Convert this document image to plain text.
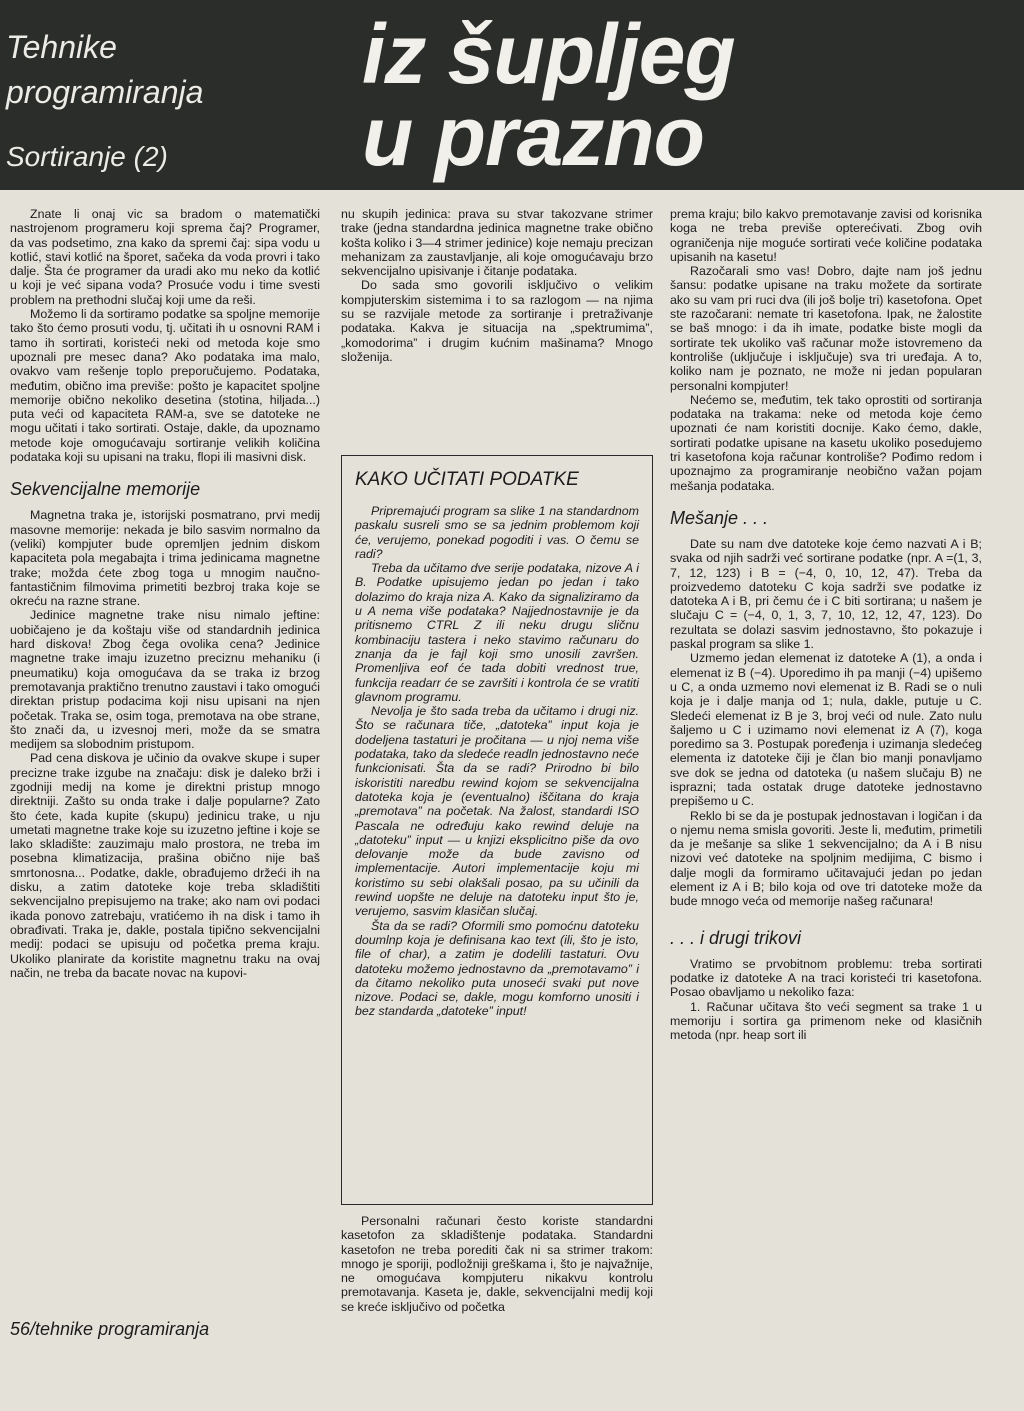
Tehnike
programiranja
Sortiranje (2)
iz šupljeg
u prazno

Znate li onaj vic sa bradom o matematički nastrojenom programeru koji sprema čaj? Programer, da vas podsetimo, zna kako da spremi čaj: sipa vodu u kotlić, stavi kotlić na šporet, sačeka da voda provri i tako dalje. Šta će programer da uradi ako mu neko da kotlić u koji je već sipana voda? Prosuće vodu i time svesti problem na prethodni slučaj koji ume da reši.

Možemo li da sortiramo podatke sa spoljne memorije tako što ćemo prosuti vodu, tj. učitati ih u osnovni RAM i tamo ih sortirati, koristeći neki od metoda koje smo upoznali pre mesec dana? Ako podataka ima malo, ovakvo vam rešenje toplo preporučujemo. Podataka, međutim, obično ima previše: pošto je kapacitet spoljne memorije obično nekoliko desetina (stotina, hiljada...) puta veći od kapaciteta RAM-a, sve se datoteke ne mogu učitati i tako sortirati. Ostaje, dakle, da upoznamo metode koje omogućavaju sortiranje velikih količina podataka koji su upisani na traku, flopi ili masivni disk.

Sekvencijalne memorije

Magnetna traka je, istorijski posmatrano, prvi medij masovne memorije: nekada je bilo sasvim normalno da (veliki) kompjuter bude opremljen jednim diskom kapaciteta pola megabajta i trima jedinicama magnetne trake; možda ćete zbog toga u mnogim naučno-fantastičnim filmovima primetiti bezbroj traka koje se okreću na razne strane.

Jedinice magnetne trake nisu nimalo jeftine: uobičajeno je da koštaju više od standardnih jedinica hard diskova! Zbog čega ovolika cena? Jedinice magnetne trake imaju izuzetno preciznu mehaniku (i pneumatiku) koja omogućava da se traka iz brzog premotavanja praktično trenutno zaustavi i tako omogući direktan pristup podacima koji nisu upisani na njen početak. Traka se, osim toga, premotava na obe strane, što znači da, u izvesnoj meri, može da se smatra medijem sa slobodnim pristupom.

Pad cena diskova je učinio da ovakve skupe i super precizne trake izgube na značaju: disk je daleko brži i zgodniji medij na kome je direktni pristup mnogo direktniji. Zašto su onda trake i dalje popularne? Zato što ćete, kada kupite (skupu) jedinicu trake, u nju umetati magnetne trake koje su izuzetno jeftine i koje se lako skladište: zauzimaju malo prostora, ne treba im posebna klimatizacija, prašina obično nije baš smrtonosna... Podatke, dakle, obrađujemo držeći ih na disku, a zatim datoteke koje treba skladištiti sekvencijalno prepisujemo na trake; ako nam ovi podaci ikada ponovo zatrebaju, vratićemo ih na disk i tamo ih obrađivati. Traka je, dakle, postala tipično sekvencijalni medij: podaci se upisuju od početka prema kraju. Ukoliko planirate da koristite magnetnu traku na ovaj način, ne treba da bacate novac na kupovi-

nu skupih jedinica: prava su stvar takozvane strimer trake (jedna standardna jedinica magnetne trake obično košta koliko i 3—4 strimer jedinice) koje nemaju precizan mehanizam za zaustavljanje, ali koje omogućavaju brzo sekvencijalno upisivanje i čitanje podataka.

Do sada smo govorili isključivo o velikim kompjuterskim sistemima i to sa razlogom — na njima su se razvijale metode za sortiranje i pretraživanje podataka. Kakva je situacija na „spektrumima”, „komodorima” i drugim kućnim mašinama? Mnogo složenija.

KAKO UČITATI PODATKE

Pripremajući program sa slike 1 na standardnom paskalu susreli smo se sa jednim problemom koji će, verujemo, ponekad pogoditi i vas. O čemu se radi?

Treba da učitamo dve serije podataka, nizove A i B. Podatke upisujemo jedan po jedan i tako dolazimo do kraja niza A. Kako da signaliziramo da u A nema više podataka? Najjednostavnije je da pritisnemo CTRL Z ili neku drugu sličnu kombinaciju tastera i neko stavimo računaru do znanja da je fajl koji smo unosili završen. Promenljiva eof će tada dobiti vrednost true, funkcija readarr će se završiti i kontrola će se vratiti glavnom programu.

Nevolja je što sada treba da učitamo i drugi niz. Što se računara tiče, „datoteka” input koja je dodeljena tastaturi je pročitana — u njoj nema više podataka, tako da sledeće readln jednostavno neće funkcionisati. Šta da se radi? Prirodno bi bilo iskoristiti naredbu rewind kojom se sekvencijalna datoteka koja je (eventualno) iščitana do kraja „premotava” na početak. Na žalost, standardi ISO Pascala ne određuju kako rewind deluje na „datoteku” input — u knjizi eksplicitno piše da ovo delovanje može da bude zavisno od implementacije. Autori implementacije koju mi koristimo su sebi olakšali posao, pa su učinili da rewind uopšte ne deluje na datoteku input što je, verujemo, sasvim klasičan slučaj.

Šta da se radi? Oformili smo pomoćnu datoteku doumlnp koja je definisana kao text (ili, što je isto, file of char), a zatim je dodelili tastaturi. Ovu datoteku možemo jednostavno da „premotavamo” i da čitamo nekoliko puta unoseći svaki put nove nizove. Podaci se, dakle, mogu komforno unositi i bez standarda „datoteke” input!

Personalni računari često koriste standardni kasetofon za skladištenje podataka. Standardni kasetofon ne treba porediti čak ni sa strimer trakom: mnogo je sporiji, podložniji greškama i, što je najvažnije, ne omogućava kompjuteru nikakvu kontrolu premotavanja. Kaseta je, dakle, sekvencijalni medij koji se kreće isključivo od početka

prema kraju; bilo kakvo premotavanje zavisi od korisnika koga ne treba previše opterećivati. Zbog ovih ograničenja nije moguće sortirati veće količine podataka upisanih na kasetu!

Razočarali smo vas! Dobro, dajte nam još jednu šansu: podatke upisane na traku možete da sortirate ako su vam pri ruci dva (ili još bolje tri) kasetofona. Opet ste razočarani: nemate tri kasetofona. Ipak, ne žalostite se baš mnogo: i da ih imate, podatke biste mogli da sortirate tek ukoliko vaš računar može istovremeno da kontroliše (uključuje i isključuje) sva tri uređaja. A to, koliko nam je poznato, ne može ni jedan popularan personalni kompjuter!

Nećemo se, međutim, tek tako oprostiti od sortiranja podataka na trakama: neke od metoda koje ćemo upoznati će nam koristiti docnije. Kako ćemo, dakle, sortirati podatke upisane na kasetu ukoliko posedujemo tri kasetofona koja računar kontroliše? Pođimo redom i upoznajmo za programiranje neobično važan pojam mešanja podataka.

Mešanje . . .

Date su nam dve datoteke koje ćemo nazvati A i B; svaka od njih sadrži već sortirane podatke (npr. A =(1, 3, 7, 12, 123) i B = (−4, 0, 10, 12, 47). Treba da proizvedemo datoteku C koja sadrži sve podatke iz datoteka A i B, pri čemu će i C biti sortirana; u našem je slučaju C = (−4, 0, 1, 3, 7, 10, 12, 12, 47, 123). Do rezultata se dolazi sasvim jednostavno, što pokazuje i paskal program sa slike 1.

Uzmemo jedan elemenat iz datoteke A (1), a onda i elemenat iz B (−4). Uporedimo ih pa manji (−4) upišemo u C, a onda uzmemo novi elemenat iz B. Radi se o nuli koja je i dalje manja od 1; nula, dakle, putuje u C. Sledeći elemenat iz B je 3, broj veći od nule. Zato nulu šaljemo u C i uzimamo novi elemenat iz A (7), koga poredimo sa 3. Postupak poređenja i uzimanja sledećeg elementa iz datoteke čiji je član bio manji ponavljamo sve dok se jedna od datoteka (u našem slučaju B) ne isprazni; tada ostatak druge datoteke jednostavno prepišemo u C.

Reklo bi se da je postupak jednostavan i logičan i da o njemu nema smisla govoriti. Jeste li, međutim, primetili da je mešanje sa slike 1 sekvencijalno; da A i B nisu nizovi već datoteke na spoljnim medijima, C bismo i dalje mogli da formiramo učitavajući jedan po jedan element iz A i B; bilo koja od ove tri datoteke može da bude mnogo veća od memorije našeg računara!

. . . i drugi trikovi

Vratimo se prvobitnom problemu: treba sortirati podatke iz datoteke A na traci koristeći tri kasetofona. Posao obavljamo u nekoliko faza:

1. Računar učitava što veći segment sa trake 1 u memoriju i sortira ga primenom neke od klasičnih metoda (npr. heap sort ili

56/tehnike programiranja
